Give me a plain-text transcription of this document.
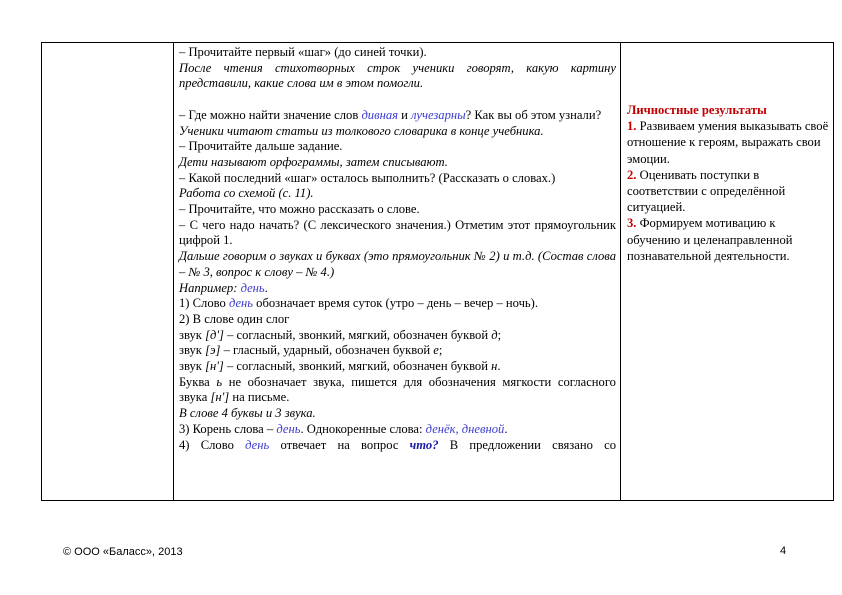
– Прочитайте первый «шаг» (до синей точки).

После чтения стихотворных строк ученики говорят, какую картину представили, какие слова им в этом помогли.

– Где можно найти значение слов дивная и лучезарны? Как вы об этом узнали?

Ученики читают статьи из толкового словарика в конце учебника.

– Прочитайте дальше задание.

Дети называют орфограммы, затем списывают.

– Какой последний «шаг» осталось выполнить? (Рассказать о словах.)

Работа со схемой (с. 11).

– Прочитайте, что можно рассказать о слове.

– С чего надо начать? (С лексического значения.) Отметим этот прямоугольник цифрой 1.

Дальше говорим о звуках и буквах (это прямоугольник № 2) и т.д. (Состав слова – № 3, вопрос к слову – № 4.)

Например: день.

1) Слово день обозначает время суток (утро – день – вечер – ночь).

2) В слове один слог

звук [д'] – согласный, звонкий, мягкий, обозначен буквой д;

звук [э] – гласный, ударный, обозначен буквой е;

звук [н'] – согласный, звонкий, мягкий, обозначен буквой н.

Буква ь не обозначает звука, пишется для обозначения мягкости согласного звука [н'] на письме.

В слове 4 буквы и 3 звука.

3) Корень слова – день. Однокоренные слова: денёк, дневной.

4) Слово день отвечает на вопрос что? В предложении связано со

Личностные результаты

1. Развиваем умения выказывать своё отношение к героям, выражать свои эмоции.

2. Оценивать поступки в соответствии с определённой ситуацией.

3. Формируем мотивацию к обучению и целенаправленной познавательной деятельности.

© ООО «Баласс», 2013	4
